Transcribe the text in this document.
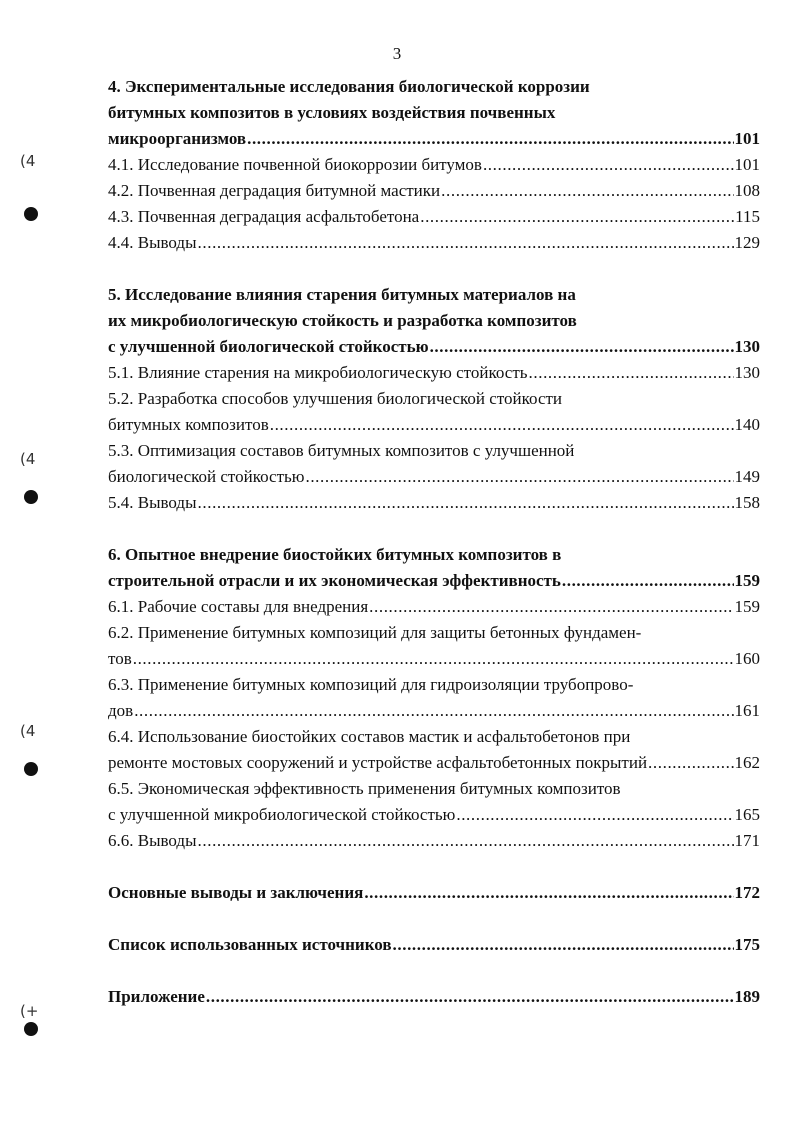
3
(4
(4
(4
(+
4. Экспериментальные исследования биологической коррозии
битумных композитов в условиях воздействия почвенных
микроорганизмов .....	101
4.1. Исследование почвенной биокоррозии битумов .....	101
4.2. Почвенная деградация битумной мастики .....	108
4.3. Почвенная деградация асфальтобетона .....	115
4.4. Выводы .....	129
5. Исследование влияния старения битумных материалов на
их микробиологическую стойкость и разработка композитов
с улучшенной биологической стойкостью .....	130
5.1. Влияние старения на микробиологическую стойкость .....	130
5.2. Разработка способов улучшения биологической стойкости
битумных композитов .....	140
5.3. Оптимизация составов битумных композитов с улучшенной
биологической стойкостью .....	149
5.4. Выводы .....	158
6. Опытное внедрение биостойких битумных композитов в
строительной отрасли и их экономическая эффективность .....	159
6.1. Рабочие составы для внедрения .....	159
6.2. Применение битумных композиций для защиты бетонных фундамен-
тов .....	160
6.3. Применение битумных композиций для гидроизоляции трубопрово-
дов .....	161
6.4. Использование биостойких составов мастик и асфальтобетонов при
ремонте мостовых сооружений и устройстве асфальтобетонных покрытий .....	162
6.5. Экономическая эффективность применения битумных композитов
с улучшенной микробиологической стойкостью .....	165
6.6. Выводы .....	171
Основные выводы и заключения .....	172
Список использованных источников .....	175
Приложение .....	189
